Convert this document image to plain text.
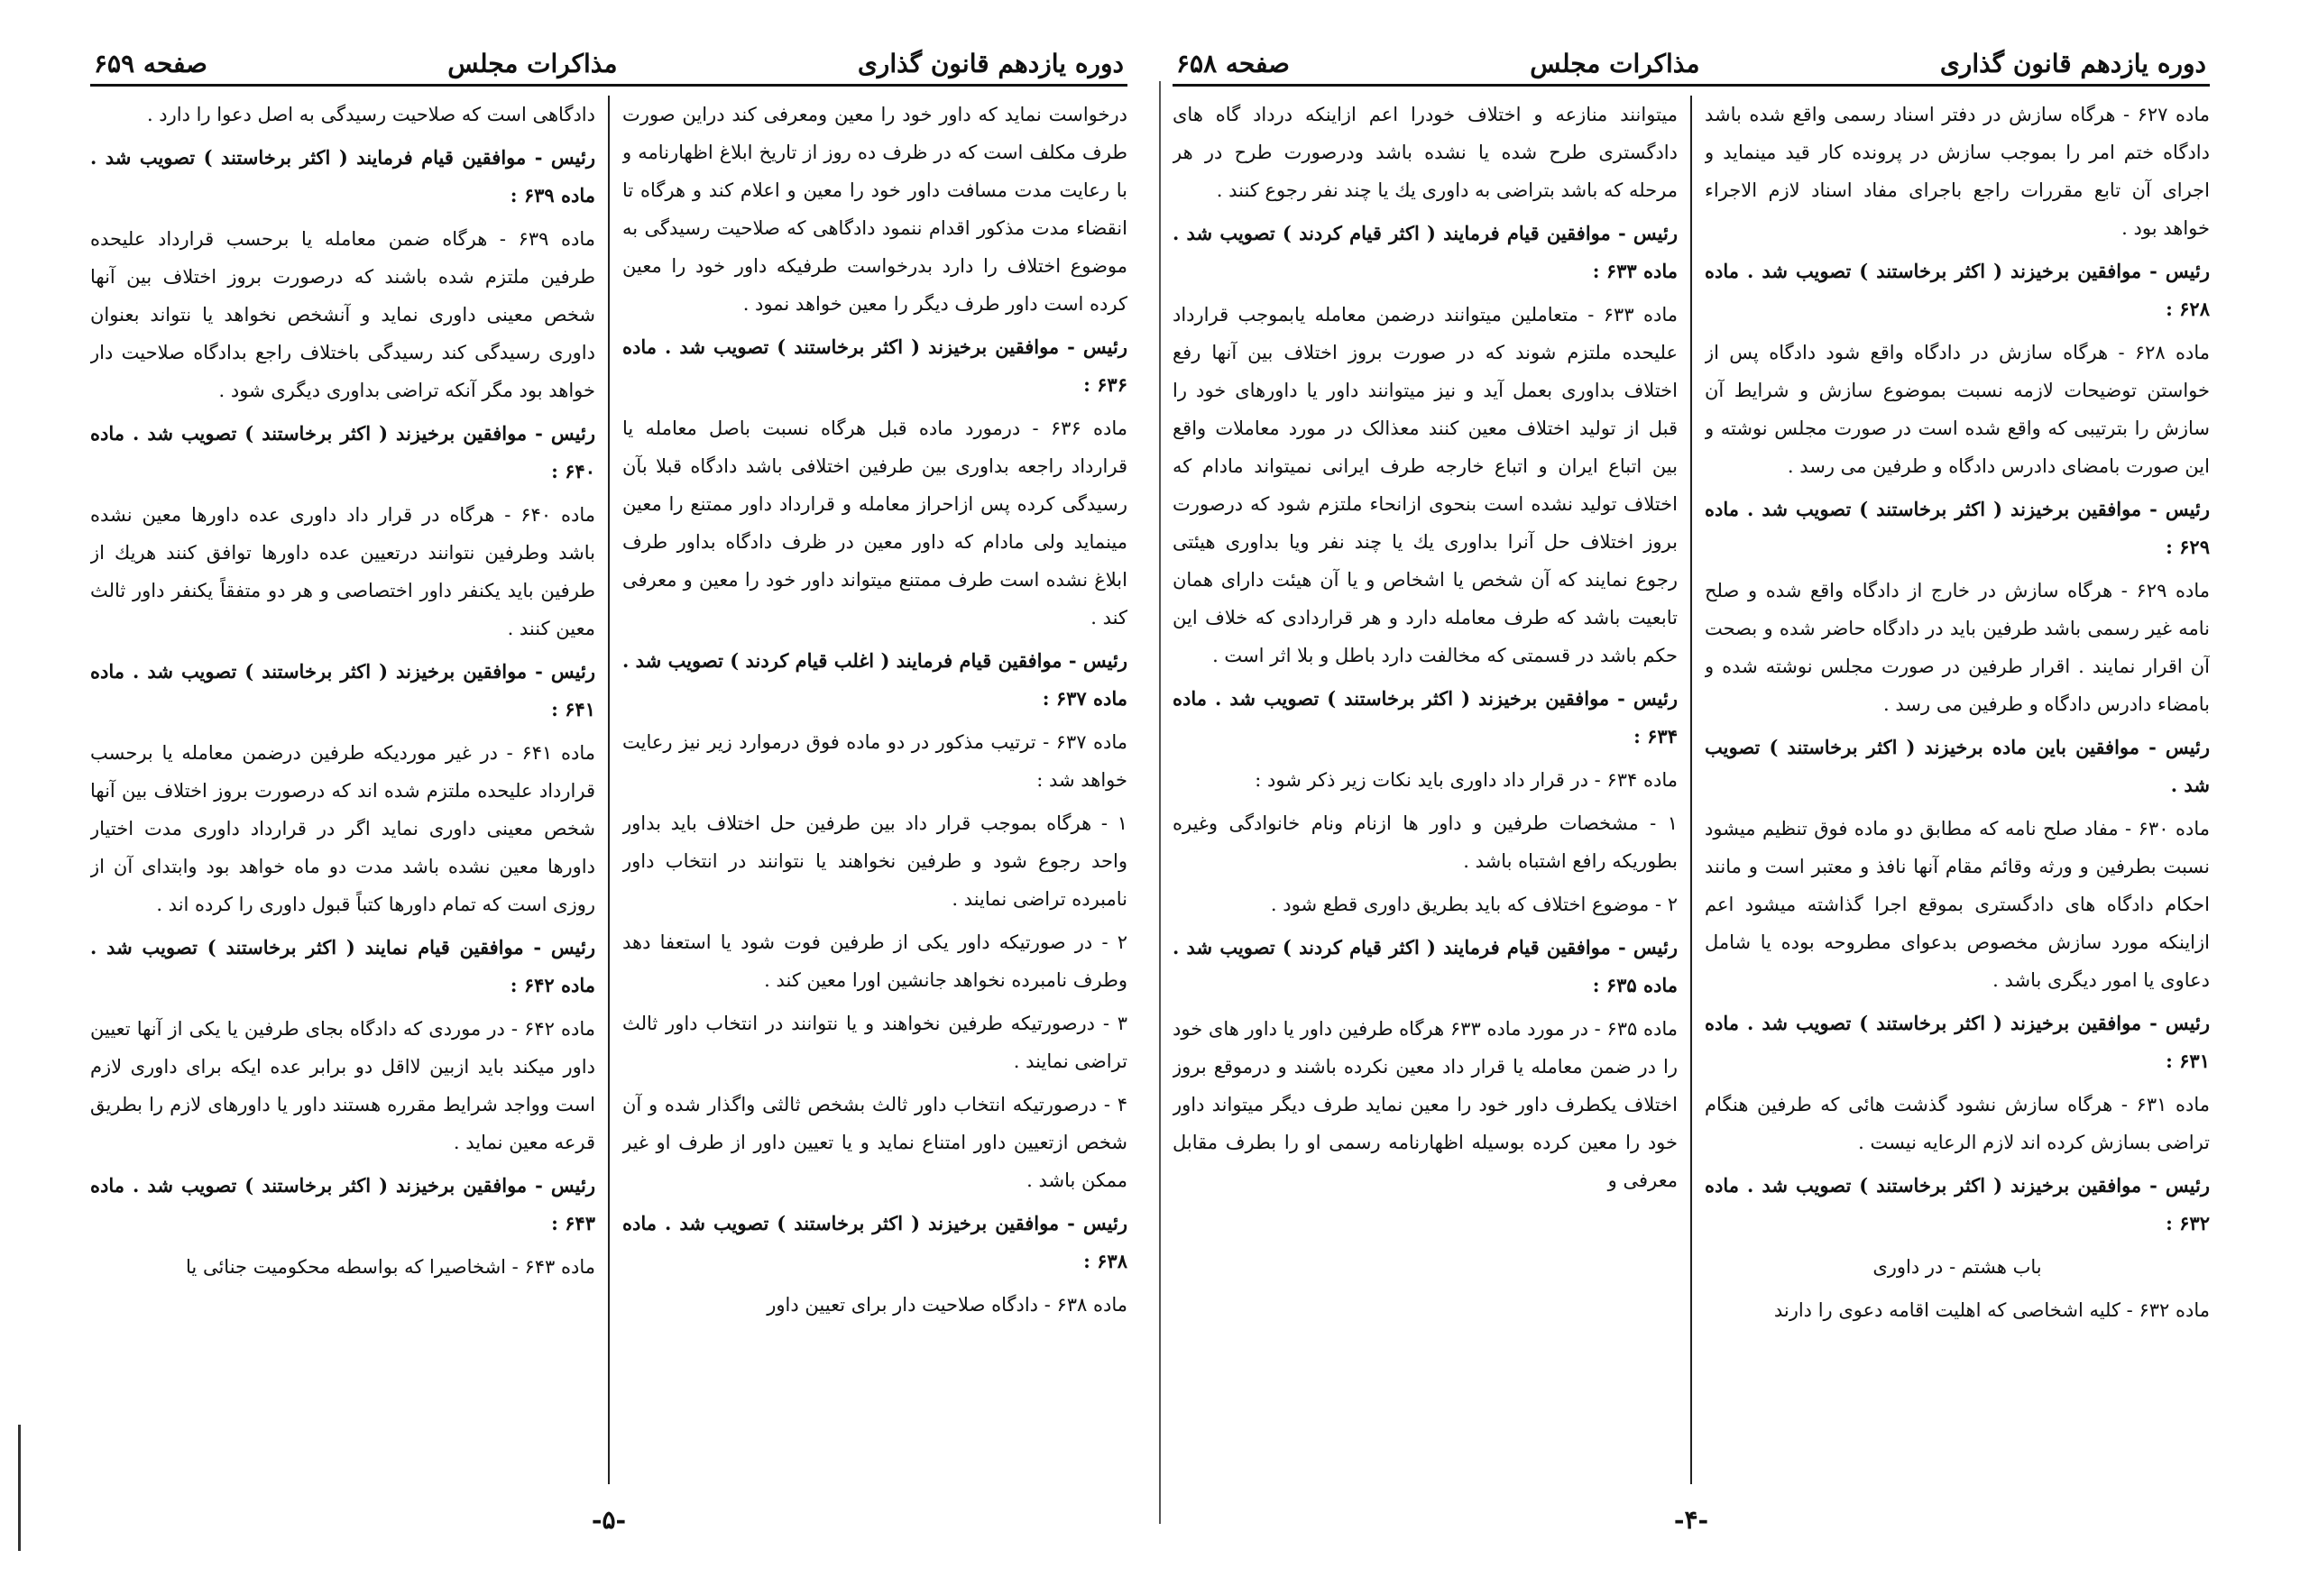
دوره یازدهم قانون گذاری
مذاکرات مجلس
صفحه ۶۵۸

ماده ۶۲۷ - هرگاه سازش در دفتر اسناد رسمی واقع شده باشد دادگاه ختم امر را بموجب سازش در پرونده کار قید مینماید و اجرای آن تابع مقررات راجع باجرای مفاد اسناد لازم الاجراء خواهد بود .

رئیس - موافقین برخیزند ( اکثر برخاستند ) تصویب شد . ماده ۶۲۸ :

ماده ۶۲۸ - هرگاه سازش در دادگاه واقع شود دادگاه پس از خواستن توضیحات لازمه نسبت بموضوع سازش و شرایط آن سازش را بترتیبی که واقع شده است در صورت مجلس نوشته و این صورت بامضای دادرس دادگاه و طرفین می رسد .

رئیس - موافقین برخیزند ( اکثر برخاستند ) تصویب شد . ماده ۶۲۹ :

ماده ۶۲۹ - هرگاه سازش در خارج از دادگاه واقع شده و صلح نامه غیر رسمی باشد طرفین باید در دادگاه حاضر شده و بصحت آن اقرار نمایند . اقرار طرفین در صورت مجلس نوشته شده و بامضاء دادرس دادگاه و طرفین می رسد .

رئیس - موافقین باین ماده برخیزند ( اکثر برخاستند ) تصویب شد .

ماده ۶۳۰ - مفاد صلح نامه که مطابق دو ماده فوق تنظیم میشود نسبت بطرفین و ورثه وقائم مقام آنها نافذ و معتبر است و مانند احکام دادگاه های دادگستری بموقع اجرا گذاشته میشود اعم ازاینکه مورد سازش مخصوص بدعوای مطروحه بوده یا شامل دعاوی یا امور دیگری باشد .

رئیس - موافقین برخیزند ( اکثر برخاستند ) تصویب شد . ماده ۶۳۱ :

ماده ۶۳۱ - هرگاه سازش نشود گذشت هائی که طرفین هنگام تراضی بسازش کرده اند لازم الرعایه نیست .

رئیس - موافقین برخیزند ( اکثر برخاستند ) تصویب شد . ماده ۶۳۲ :

باب هشتم - در داوری

ماده ۶۳۲ - کلیه اشخاصی که اهلیت اقامه دعوی را دارند

میتوانند منازعه و اختلاف خودرا اعم ازاینکه درداد گاه های دادگستری طرح شده یا نشده باشد ودرصورت طرح در هر مرحله که باشد بتراضی به داوری یك یا چند نفر رجوع کنند .

رئیس - موافقین قیام فرمایند ( اکثر قیام کردند ) تصویب شد . ماده ۶۳۳ :

ماده ۶۳۳ - متعاملین میتوانند درضمن معامله یابموجب قرارداد علیحده ملتزم شوند که در صورت بروز اختلاف بین آنها رفع اختلاف بداوری بعمل آید و نیز میتوانند داور یا داورهای خود را قبل از تولید اختلاف معین کنند معذالک در مورد معاملات واقع بین اتباع ایران و اتباع خارجه طرف ایرانی نمیتواند مادام که اختلاف تولید نشده است بنحوی ازانحاء ملتزم شود که درصورت بروز اختلاف حل آنرا بداوری یك یا چند نفر ویا بداوری هیئتی رجوع نمایند که آن شخص یا اشخاص و یا آن هیئت دارای همان تابعیت باشد که طرف معامله دارد و هر قراردادی که خلاف این حکم باشد در قسمتی که مخالفت دارد باطل و بلا اثر است .

رئیس - موافقین برخیزند ( اکثر برخاستند ) تصویب شد . ماده ۶۳۴ :

ماده ۶۳۴ - در قرار داد داوری باید نکات زیر ذکر شود :

۱ - مشخصات طرفین و داور ها ازنام ونام خانوادگی وغیره بطوریکه رافع اشتباه باشد .

۲ - موضوع اختلاف که باید بطریق داوری قطع شود .

رئیس - موافقین قیام فرمایند ( اکثر قیام کردند ) تصویب شد . ماده ۶۳۵ :

ماده ۶۳۵ - در مورد ماده ۶۳۳ هرگاه طرفین داور یا داور های خود را در ضمن معامله یا قرار داد معین نکرده باشند و درموقع بروز اختلاف یکطرف داور خود را معین نماید طرف دیگر میتواند داور خود را معین کرده بوسیله اظهارنامه رسمی او را بطرف مقابل معرفی و

-۴-
دوره یازدهم قانون گذاری
مذاکرات مجلس
صفحه ۶۵۹

درخواست نماید که داور خود را معین ومعرفی کند دراین صورت طرف مکلف است که در ظرف ده روز از تاریخ ابلاغ اظهارنامه و با رعایت مدت مسافت داور خود را معین و اعلام کند و هرگاه تا انقضاء مدت مذکور اقدام ننمود دادگاهی که صلاحیت رسیدگی به موضوع اختلاف را دارد بدرخواست طرفیکه داور خود را معین کرده است داور طرف دیگر را معین خواهد نمود .

رئیس - موافقین برخیزند ( اکثر برخاستند ) تصویب شد . ماده ۶۳۶ :

ماده ۶۳۶ - درمورد ماده قبل هرگاه نسبت باصل معامله یا قرارداد راجعه بداوری بین طرفین اختلافی باشد دادگاه قبلا بآن رسیدگی کرده پس ازاحراز معامله و قرارداد داور ممتنع را معین مینماید ولی مادام که داور معین در ظرف دادگاه بداور طرف ابلاغ نشده است طرف ممتنع میتواند داور خود را معین و معرفی کند .

رئیس - موافقین قیام فرمایند ( اغلب قیام کردند ) تصویب شد . ماده ۶۳۷ :

ماده ۶۳۷ - ترتیب مذکور در دو ماده فوق درموارد زیر نیز رعایت خواهد شد :

۱ - هرگاه بموجب قرار داد بین طرفین حل اختلاف باید بداور واحد رجوع شود و طرفین نخواهند یا نتوانند در انتخاب داور نامبرده تراضی نمایند .

۲ - در صورتیکه داور یکی از طرفین فوت شود یا استعفا دهد وطرف نامبرده نخواهد جانشین اورا معین کند .

۳ - درصورتیکه طرفین نخواهند و یا نتوانند در انتخاب داور ثالث تراضی نمایند .

۴ - درصورتیکه انتخاب داور ثالث بشخص ثالثی واگذار شده و آن شخص ازتعیین داور امتناع نماید و یا تعیین داور از طرف او غیر ممکن باشد .

رئیس - موافقین برخیزند ( اکثر برخاستند ) تصویب شد . ماده ۶۳۸ :

ماده ۶۳۸ - دادگاه صلاحیت دار برای تعیین داور

دادگاهی است که صلاحیت رسیدگی به اصل دعوا را دارد .

رئیس - موافقین قیام فرمایند ( اکثر برخاستند ) تصویب شد . ماده ۶۳۹ :

ماده ۶۳۹ - هرگاه ضمن معامله یا برحسب قرارداد علیحده طرفین ملتزم شده باشند که درصورت بروز اختلاف بین آنها شخص معینی داوری نماید و آنشخص نخواهد یا نتواند بعنوان داوری رسیدگی کند رسیدگی باختلاف راجع بدادگاه صلاحیت دار خواهد بود مگر آنکه تراضی بداوری دیگری شود .

رئیس - موافقین برخیزند ( اکثر برخاستند ) تصویب شد . ماده ۶۴۰ :

ماده ۶۴۰ - هرگاه در قرار داد داوری عده داورها معین نشده باشد وطرفین نتوانند درتعیین عده داورها توافق کنند هریك از طرفین باید یکنفر داور اختصاصی و هر دو متفقاً یکنفر داور ثالث معین کنند .

رئیس - موافقین برخیزند ( اکثر برخاستند ) تصویب شد . ماده ۶۴۱ :

ماده ۶۴۱ - در غیر موردیکه طرفین درضمن معامله یا برحسب قرارداد علیحده ملتزم شده اند که درصورت بروز اختلاف بین آنها شخص معینی داوری نماید اگر در قرارداد داوری مدت اختیار داورها معین نشده باشد مدت دو ماه خواهد بود وابتدای آن از روزی است که تمام داورها کتباً قبول داوری را کرده اند .

رئیس - موافقین قیام نمایند ( اکثر برخاستند ) تصویب شد . ماده ۶۴۲ :

ماده ۶۴۲ - در موردی که دادگاه بجای طرفین یا یکی از آنها تعیین داور میکند باید ازبین لااقل دو برابر عده ایکه برای داوری لازم است وواجد شرایط مقرره هستند داور یا داورهای لازم را بطریق قرعه معین نماید .

رئیس - موافقین برخیزند ( اکثر برخاستند ) تصویب شد . ماده ۶۴۳ :

ماده ۶۴۳ - اشخاصیرا که بواسطه محکومیت جنائی یا

-۵-
